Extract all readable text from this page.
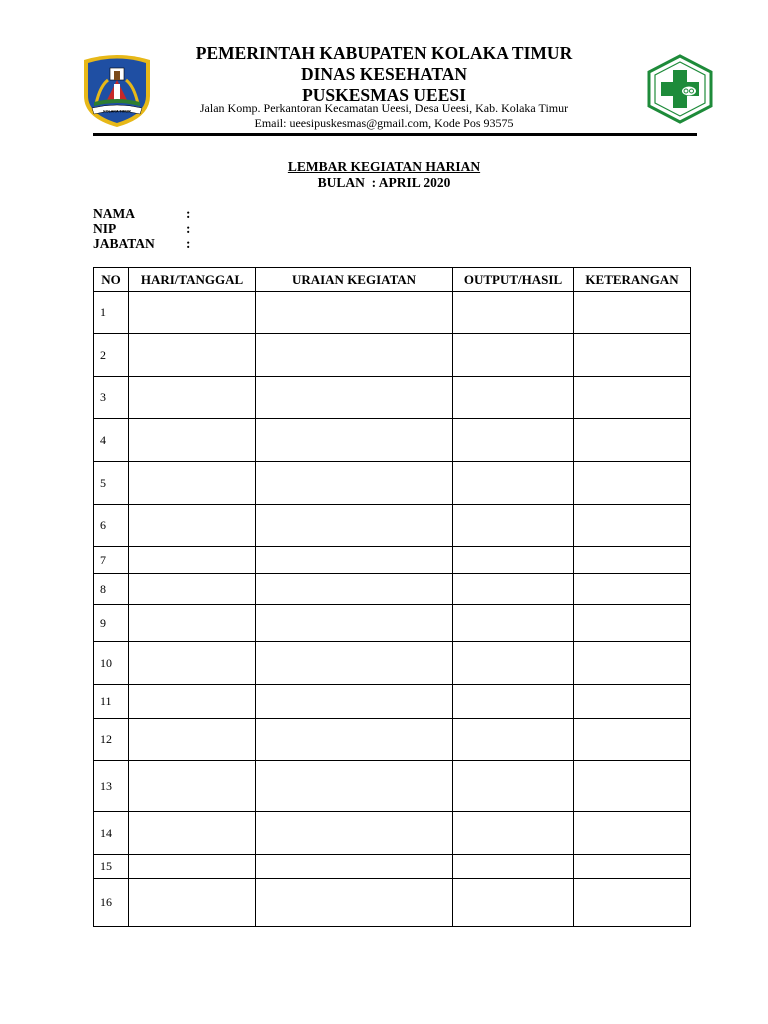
KOLAKA TIMUR
PEMERINTAH KABUPATEN KOLAKA TIMUR
DINAS KESEHATAN
PUSKESMAS UEESI
Jalan Komp. Perkantoran Kecamatan Ueesi, Desa Ueesi, Kab. Kolaka Timur
Email: ueesipuskesmas@gmail.com, Kode Pos 93575
LEMBAR KEGIATAN HARIAN
BULAN : APRIL 2020
NAMA	:
NIP	:
JABATAN :
NO	HARI/TANGGAL	URAIAN KEGIATAN	OUTPUT/HASIL	KETERANGAN
1				
2				
3				
4				
5				
6				
7				
8				
9				
10				
11				
12				
13				
14				
15				
16				
